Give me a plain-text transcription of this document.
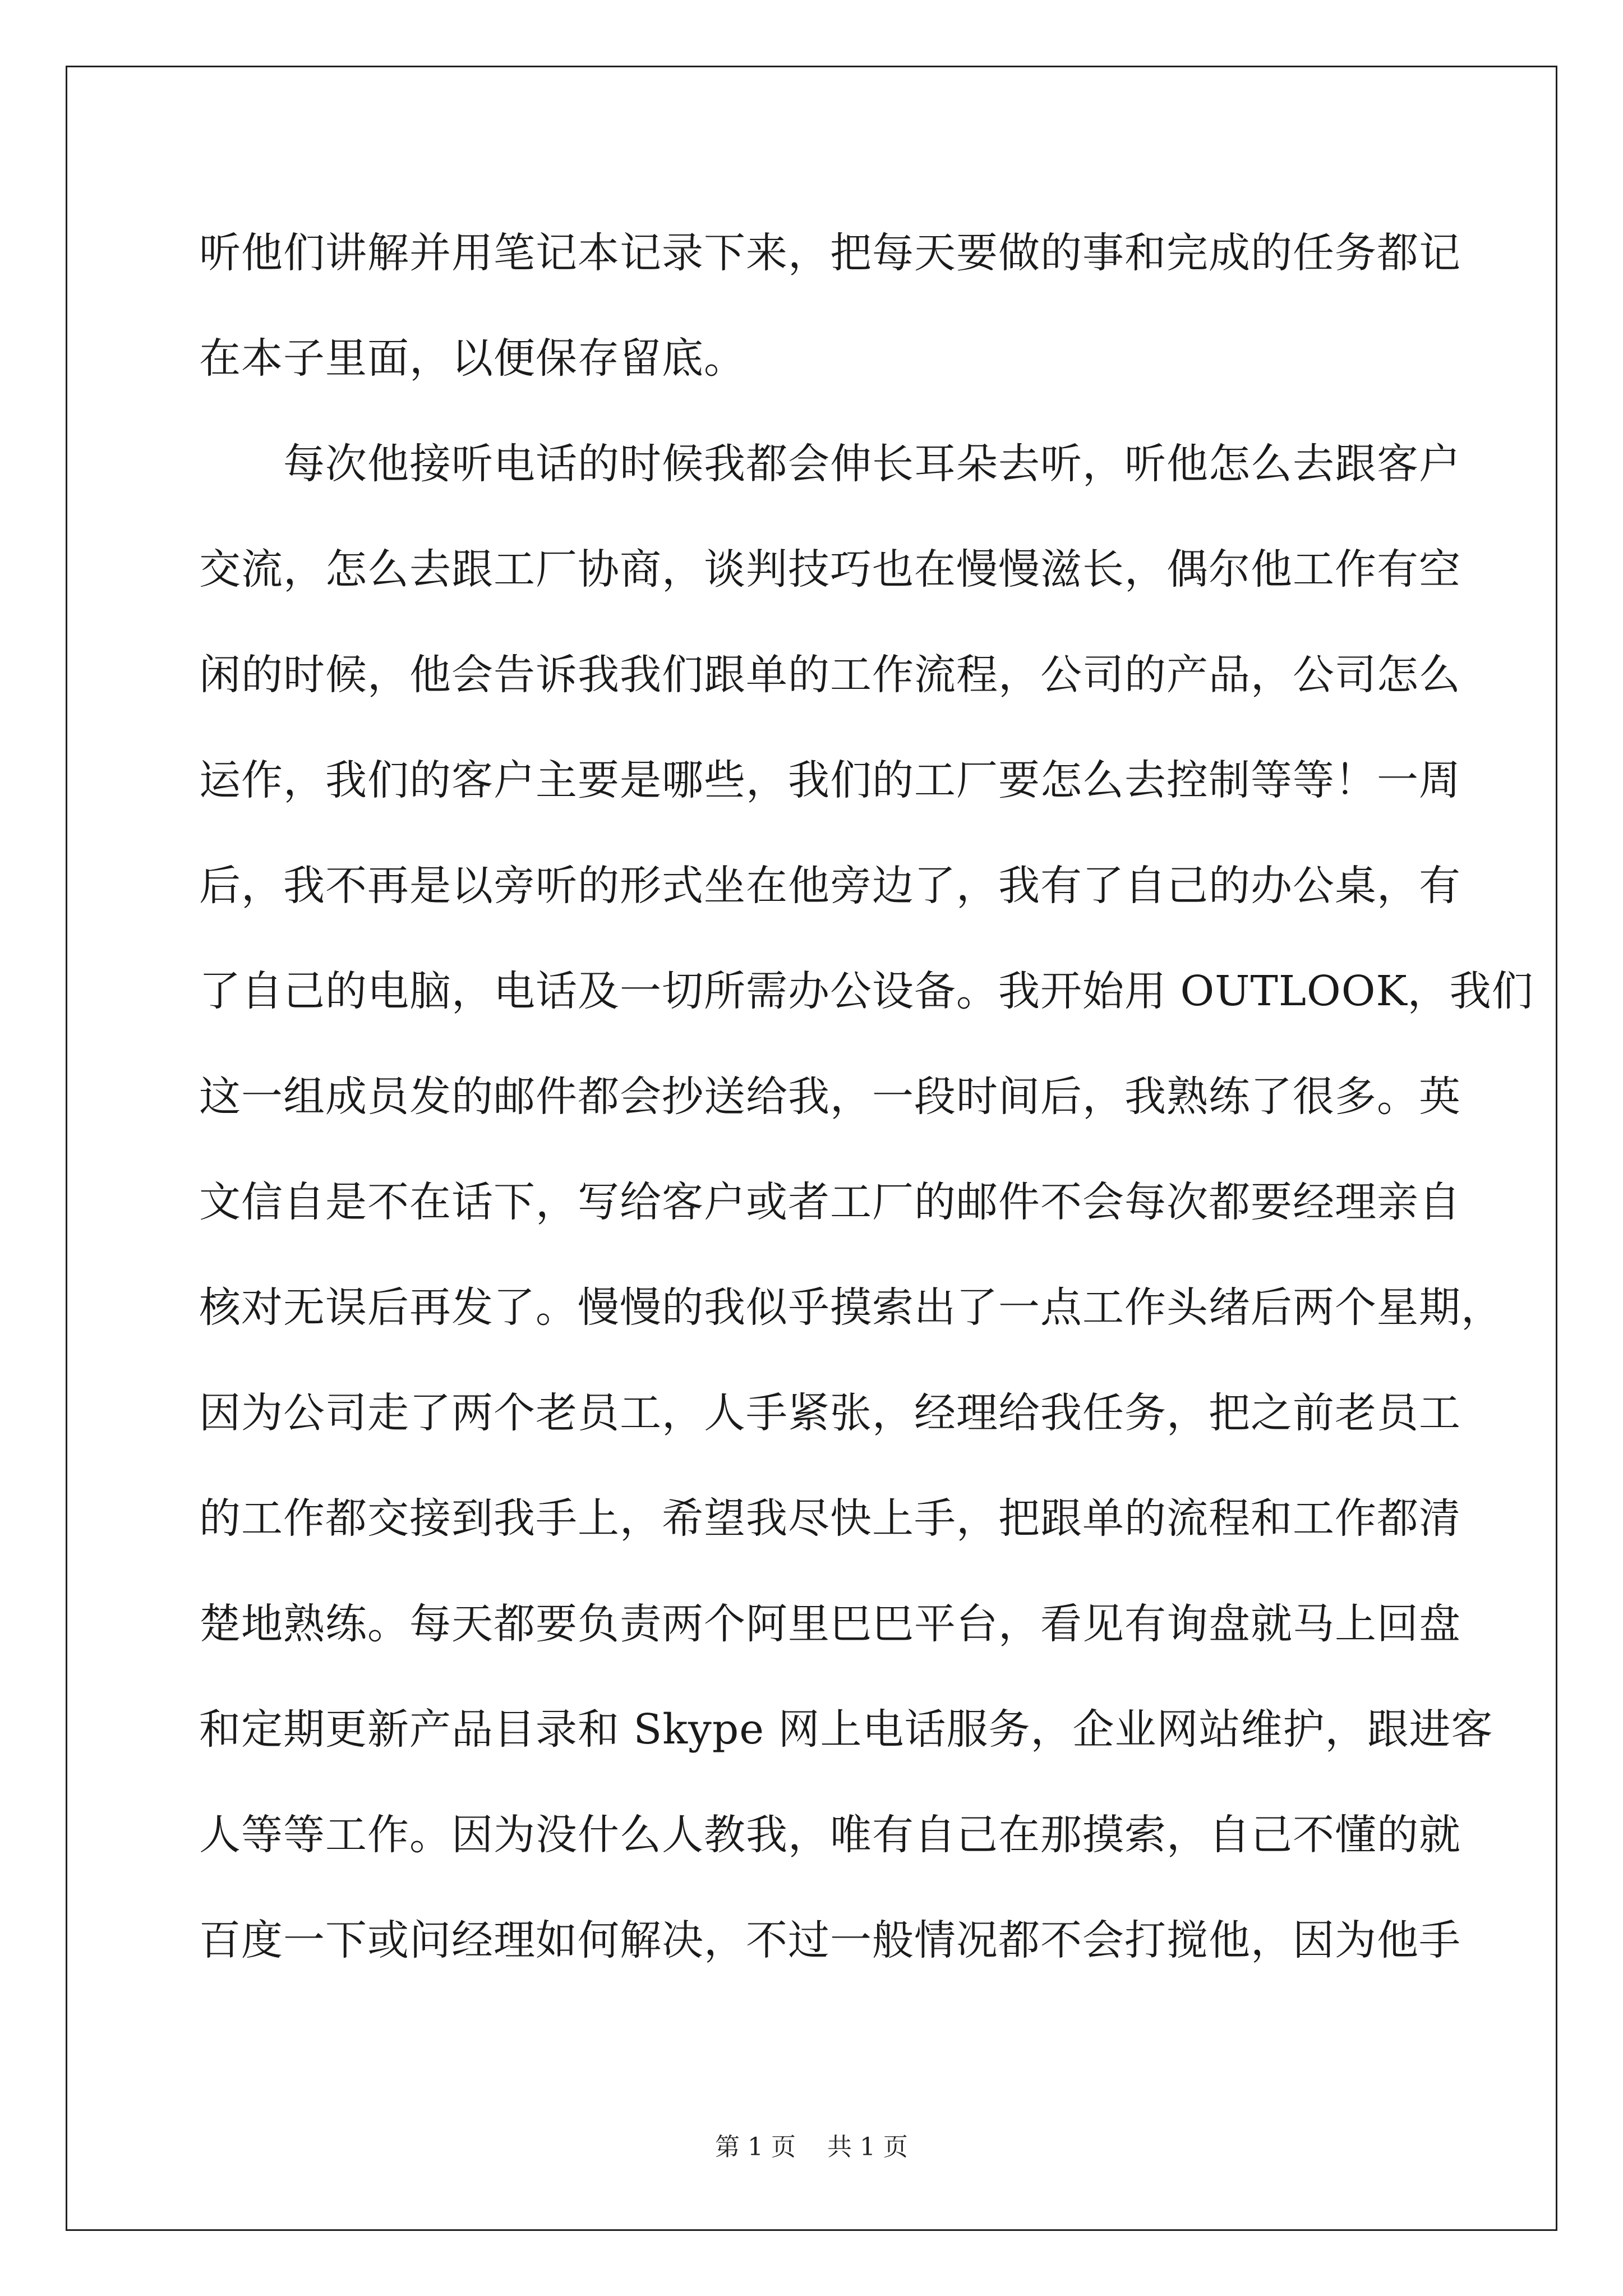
听他们讲解并用笔记本记录下来，把每天要做的事和完成的任务都记
在本子里面，以便保存留底。
　　每次他接听电话的时候我都会伸长耳朵去听，听他怎么去跟客户
交流，怎么去跟工厂协商，谈判技巧也在慢慢滋长，偶尔他工作有空
闲的时候，他会告诉我我们跟单的工作流程，公司的产品，公司怎么
运作，我们的客户主要是哪些，我们的工厂要怎么去控制等等！一周
后，我不再是以旁听的形式坐在他旁边了，我有了自己的办公桌，有
了自己的电脑，电话及一切所需办公设备。我开始用 OUTLOOK，我们
这一组成员发的邮件都会抄送给我，一段时间后，我熟练了很多。英
文信自是不在话下，写给客户或者工厂的邮件不会每次都要经理亲自
核对无误后再发了。慢慢的我似乎摸索出了一点工作头绪后两个星期，
因为公司走了两个老员工，人手紧张，经理给我任务，把之前老员工
的工作都交接到我手上，希望我尽快上手，把跟单的流程和工作都清
楚地熟练。每天都要负责两个阿里巴巴平台，看见有询盘就马上回盘
和定期更新产品目录和 Skype 网上电话服务，企业网站维护，跟进客
人等等工作。因为没什么人教我，唯有自己在那摸索，自己不懂的就
百度一下或问经理如何解决，不过一般情况都不会打搅他，因为他手
第 1 页 共 1 页
